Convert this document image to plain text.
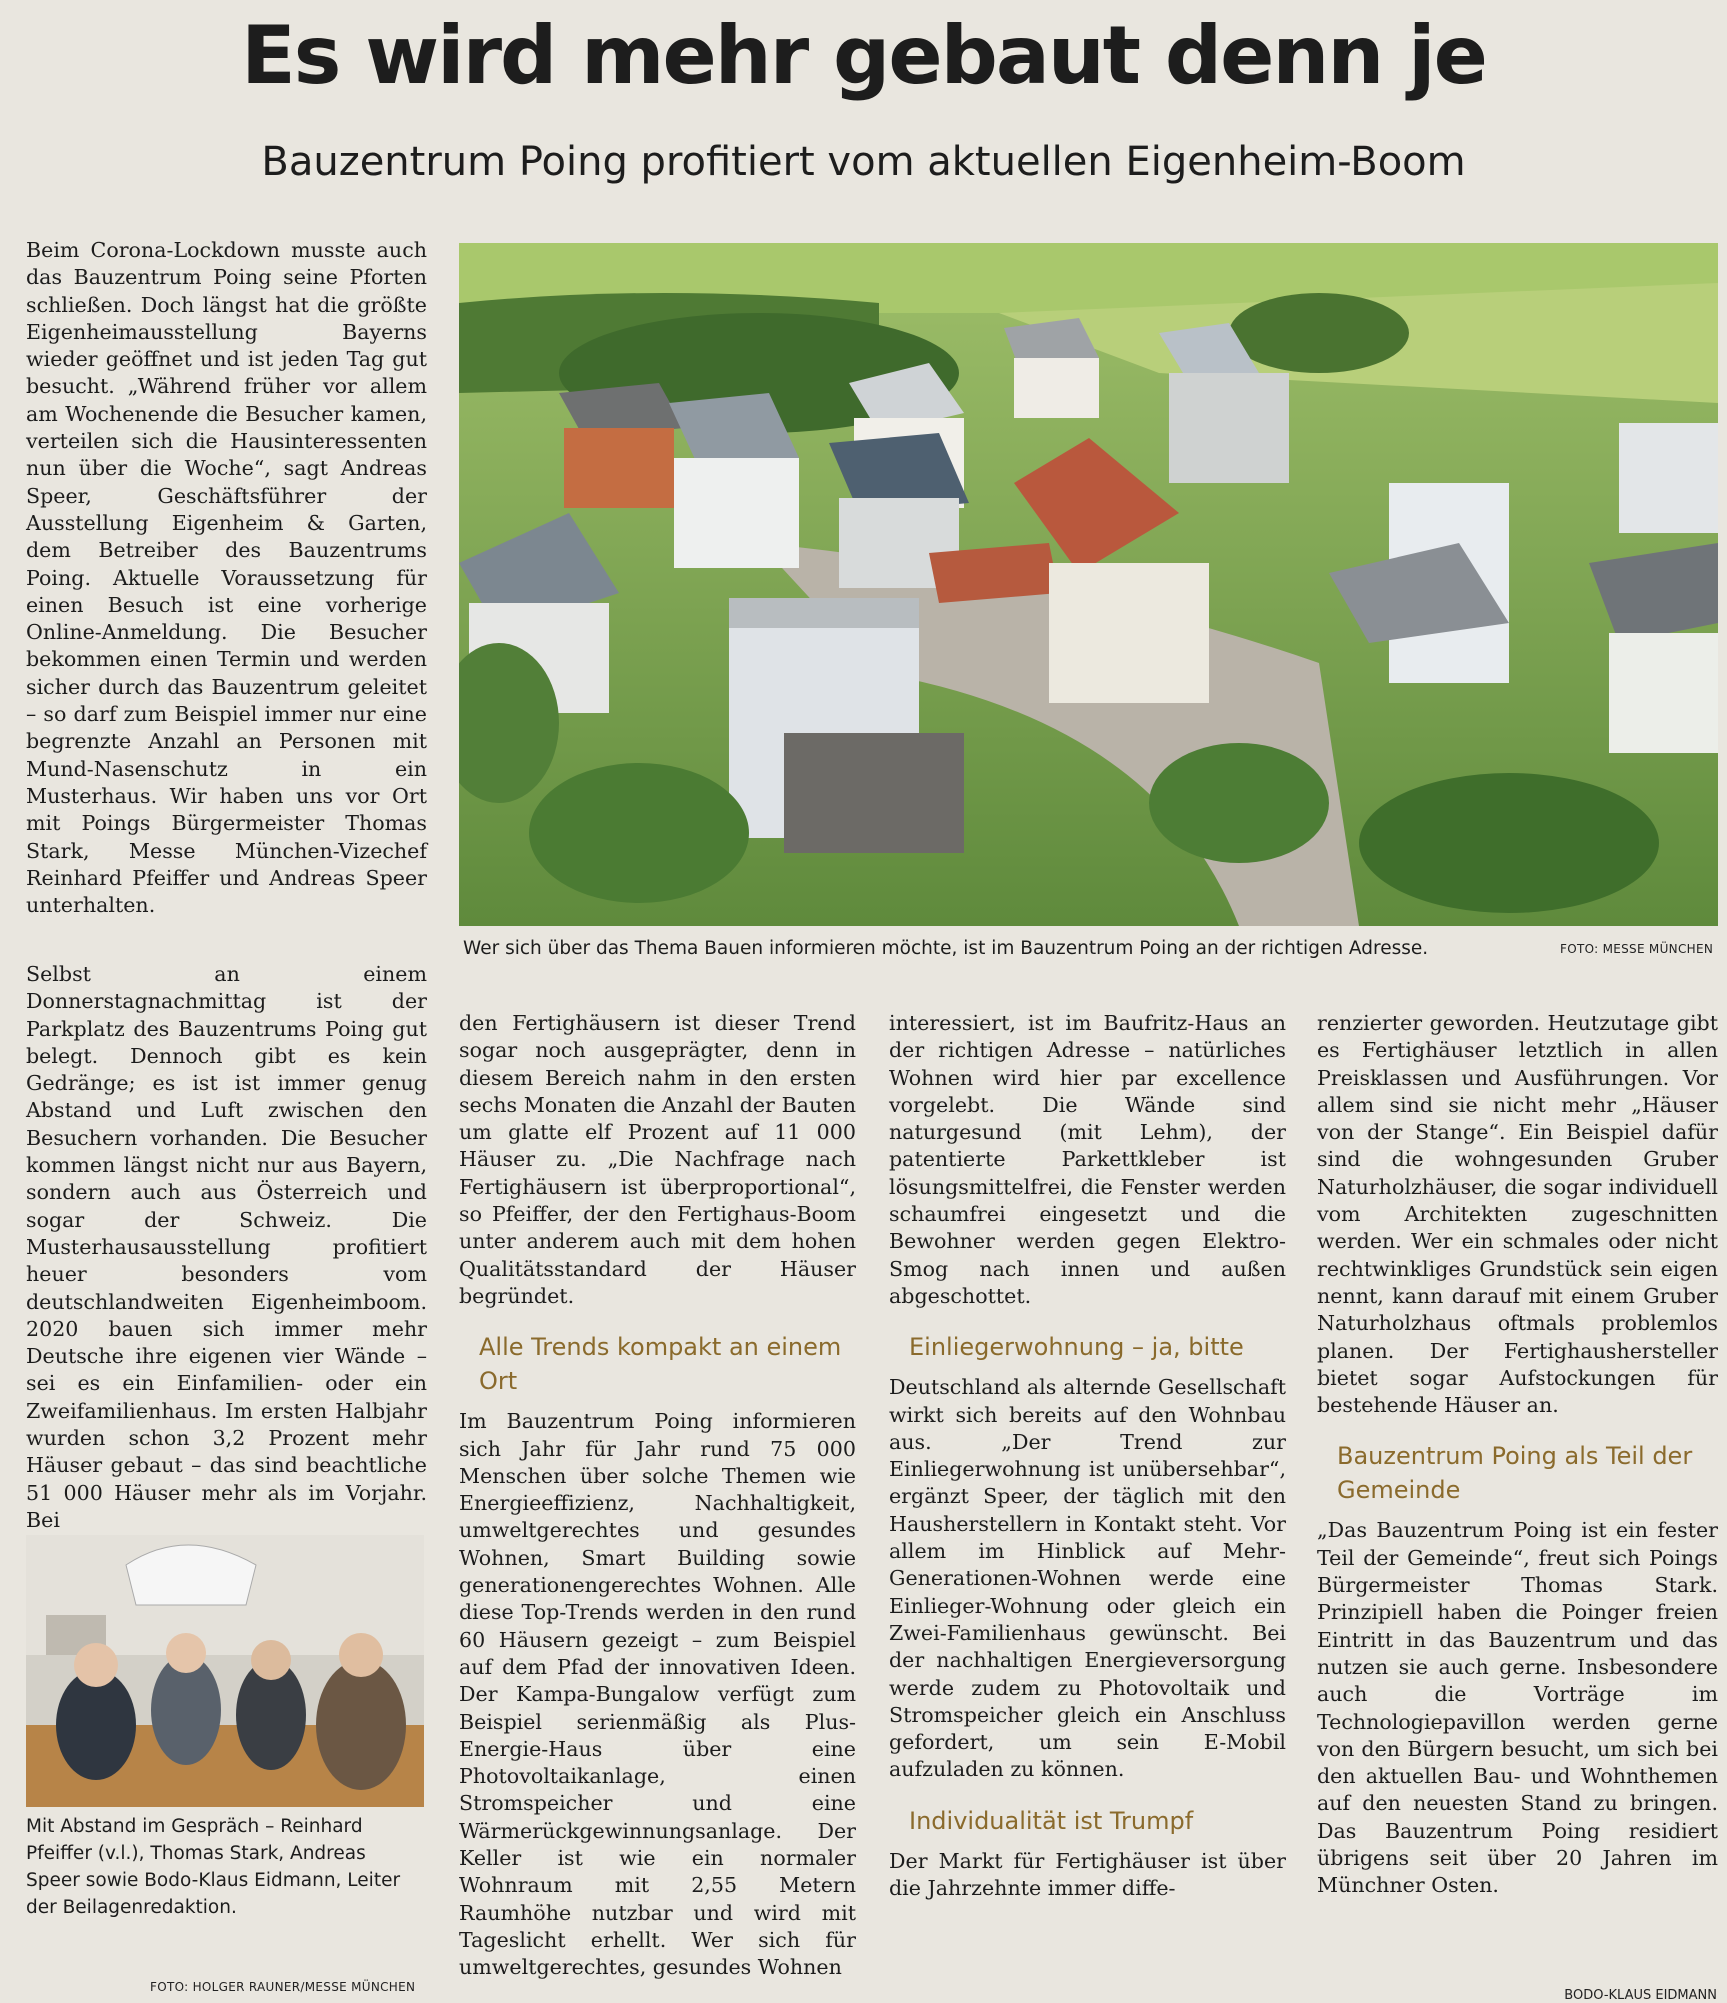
Es wird mehr gebaut denn je
Bauzentrum Poing profitiert vom aktuellen Eigenheim-Boom

Beim Corona-Lockdown musste auch das Bauzentrum Poing seine Pforten schließen. Doch längst hat die größte Eigenheimausstellung Bayerns wieder geöffnet und ist jeden Tag gut besucht. „Während früher vor allem am Wochenende die Besucher kamen, verteilen sich die Hausinteressenten nun über die Woche“, sagt Andreas Speer, Geschäftsführer der Ausstellung Eigenheim & Garten, dem Betreiber des Bauzentrums Poing. Aktuelle Voraussetzung für einen Besuch ist eine vorherige Online-Anmeldung. Die Besucher bekommen einen Termin und werden sicher durch das Bauzentrum geleitet – so darf zum Beispiel immer nur eine begrenzte Anzahl an Personen mit Mund-Nasenschutz in ein Musterhaus. Wir haben uns vor Ort mit Poings Bürgermeister Thomas Stark, Messe München-Vizechef Reinhard Pfeiffer und Andreas Speer unterhalten.

Selbst an einem Donnerstagnachmittag ist der Parkplatz des Bauzentrums Poing gut belegt. Dennoch gibt es kein Gedränge; es ist ist immer genug Abstand und Luft zwischen den Besuchern vorhanden. Die Besucher kommen längst nicht nur aus Bayern, sondern auch aus Österreich und sogar der Schweiz. Die Musterhausausstellung profitiert heuer besonders vom deutschlandweiten Eigenheimboom. 2020 bauen sich immer mehr Deutsche ihre eigenen vier Wände – sei es ein Einfamilien- oder ein Zweifamilienhaus. Im ersten Halbjahr wurden schon 3,2 Prozent mehr Häuser gebaut – das sind beachtliche 51 000 Häuser mehr als im Vorjahr. Bei

Wer sich über das Thema Bauen informieren möchte, ist im Bauzentrum Poing an der richtigen Adresse.	FOTO: MESSE MÜNCHEN
Mit Abstand im Gespräch – Reinhard Pfeiffer (v.l.), Thomas Stark, Andreas Speer sowie Bodo-Klaus Eidmann, Leiter der Beilagenredaktion.
FOTO: HOLGER RAUNER/MESSE MÜNCHEN

den Fertighäusern ist dieser Trend sogar noch ausgeprägter, denn in diesem Bereich nahm in den ersten sechs Monaten die Anzahl der Bauten um glatte elf Prozent auf 11 000 Häuser zu. „Die Nachfrage nach Fertighäusern ist überproportional“, so Pfeiffer, der den Fertighaus-Boom unter anderem auch mit dem hohen Qualitätsstandard der Häuser begründet.

Alle Trends kompakt an einem Ort

Im Bauzentrum Poing informieren sich Jahr für Jahr rund 75 000 Menschen über solche Themen wie Energieeffizienz, Nachhaltigkeit, umweltgerechtes und gesundes Wohnen, Smart Building sowie generationengerechtes Wohnen. Alle diese Top-Trends werden in den rund 60 Häusern gezeigt – zum Beispiel auf dem Pfad der innovativen Ideen. Der Kampa-Bungalow verfügt zum Beispiel serienmäßig als Plus-Energie-Haus über eine Photovoltaikanlage, einen Stromspeicher und eine Wärmerückgewinnungsanlage. Der Keller ist wie ein normaler Wohnraum mit 2,55 Metern Raumhöhe nutzbar und wird mit Tageslicht erhellt. Wer sich für umweltgerechtes, gesundes Wohnen

interessiert, ist im Baufritz-Haus an der richtigen Adresse – natürliches Wohnen wird hier par excellence vorgelebt. Die Wände sind naturgesund (mit Lehm), der patentierte Parkettkleber ist lösungsmittelfrei, die Fenster werden schaumfrei eingesetzt und die Bewohner werden gegen Elektro-Smog nach innen und außen abgeschottet.

Einliegerwohnung – ja, bitte

Deutschland als alternde Gesellschaft wirkt sich bereits auf den Wohnbau aus. „Der Trend zur Einliegerwohnung ist unübersehbar“, ergänzt Speer, der täglich mit den Hausherstellern in Kontakt steht. Vor allem im Hinblick auf Mehr-Generationen-Wohnen werde eine Einlieger-Wohnung oder gleich ein Zwei-Familienhaus gewünscht. Bei der nachhaltigen Energieversorgung werde zudem zu Photovoltaik und Stromspeicher gleich ein Anschluss gefordert, um sein E-Mobil aufzuladen zu können.

Individualität ist Trumpf

Der Markt für Fertighäuser ist über die Jahrzehnte immer diffe-

renzierter geworden. Heutzutage gibt es Fertighäuser letztlich in allen Preisklassen und Ausführungen. Vor allem sind sie nicht mehr „Häuser von der Stange“. Ein Beispiel dafür sind die wohngesunden Gruber Naturholzhäuser, die sogar individuell vom Architekten zugeschnitten werden. Wer ein schmales oder nicht rechtwinkliges Grundstück sein eigen nennt, kann darauf mit einem Gruber Naturholzhaus oftmals problemlos planen. Der Fertighaushersteller bietet sogar Aufstockungen für bestehende Häuser an.

Bauzentrum Poing als Teil der Gemeinde

„Das Bauzentrum Poing ist ein fester Teil der Gemeinde“, freut sich Poings Bürgermeister Thomas Stark. Prinzipiell haben die Poinger freien Eintritt in das Bauzentrum und das nutzen sie auch gerne. Insbesondere auch die Vorträge im Technologiepavillon werden gerne von den Bürgern besucht, um sich bei den aktuellen Bau- und Wohnthemen auf den neuesten Stand zu bringen. Das Bauzentrum Poing residiert übrigens seit über 20 Jahren im Münchner Osten.

BODO-KLAUS EIDMANN
